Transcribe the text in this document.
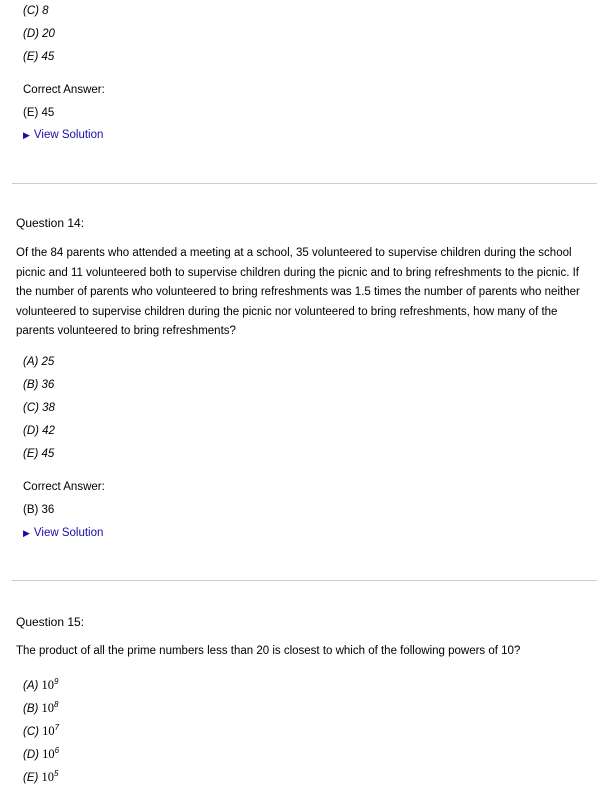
(C) 8
(D) 20
(E) 45
Correct Answer:
(E) 45
▶ View Solution
Question 14:
Of the 84 parents who attended a meeting at a school, 35 volunteered to supervise children during the school picnic and 11 volunteered both to supervise children during the picnic and to bring refreshments to the picnic. If the number of parents who volunteered to bring refreshments was 1.5 times the number of parents who neither volunteered to supervise children during the picnic nor volunteered to bring refreshments, how many of the parents volunteered to bring refreshments?
(A) 25
(B) 36
(C) 38
(D) 42
(E) 45
Correct Answer:
(B) 36
▶ View Solution
Question 15:
The product of all the prime numbers less than 20 is closest to which of the following powers of 10?
(A) $10^9$
(B) $10^8$
(C) $10^7$
(D) $10^6$
(E) $10^5$
